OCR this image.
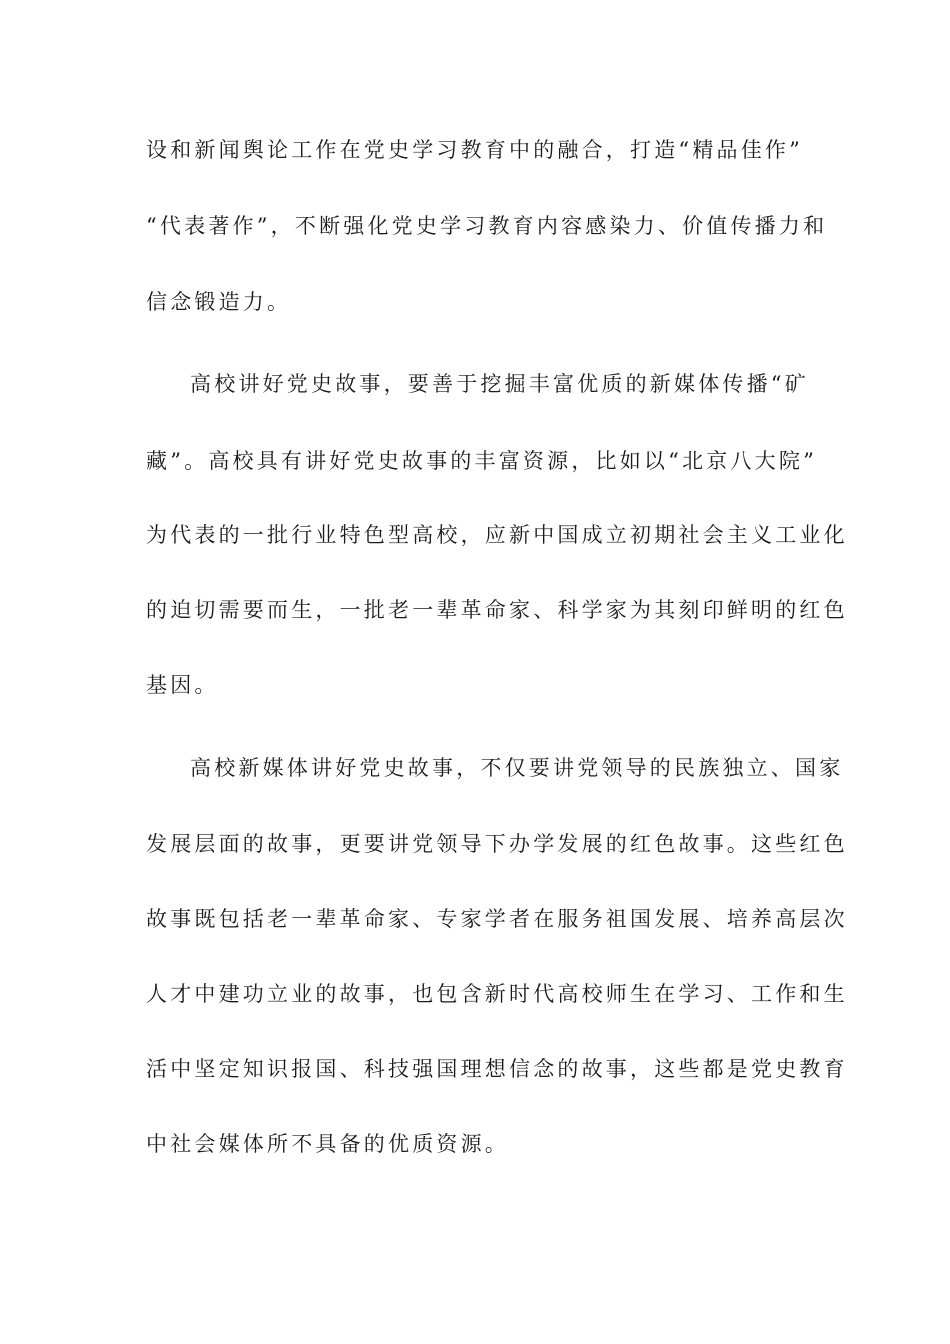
设和新闻舆论工作在党史学习教育中的融合，打造“精品佳作”
“代表著作”，不断强化党史学习教育内容感染力、价值传播力和
信念锻造力。
高校讲好党史故事，要善于挖掘丰富优质的新媒体传播“矿
藏”。高校具有讲好党史故事的丰富资源，比如以“北京八大院”
为代表的一批行业特色型高校，应新中国成立初期社会主义工业化
的迫切需要而生，一批老一辈革命家、科学家为其刻印鲜明的红色
基因。
高校新媒体讲好党史故事，不仅要讲党领导的民族独立、国家
发展层面的故事，更要讲党领导下办学发展的红色故事。这些红色
故事既包括老一辈革命家、专家学者在服务祖国发展、培养高层次
人才中建功立业的故事，也包含新时代高校师生在学习、工作和生
活中坚定知识报国、科技强国理想信念的故事，这些都是党史教育
中社会媒体所不具备的优质资源。
